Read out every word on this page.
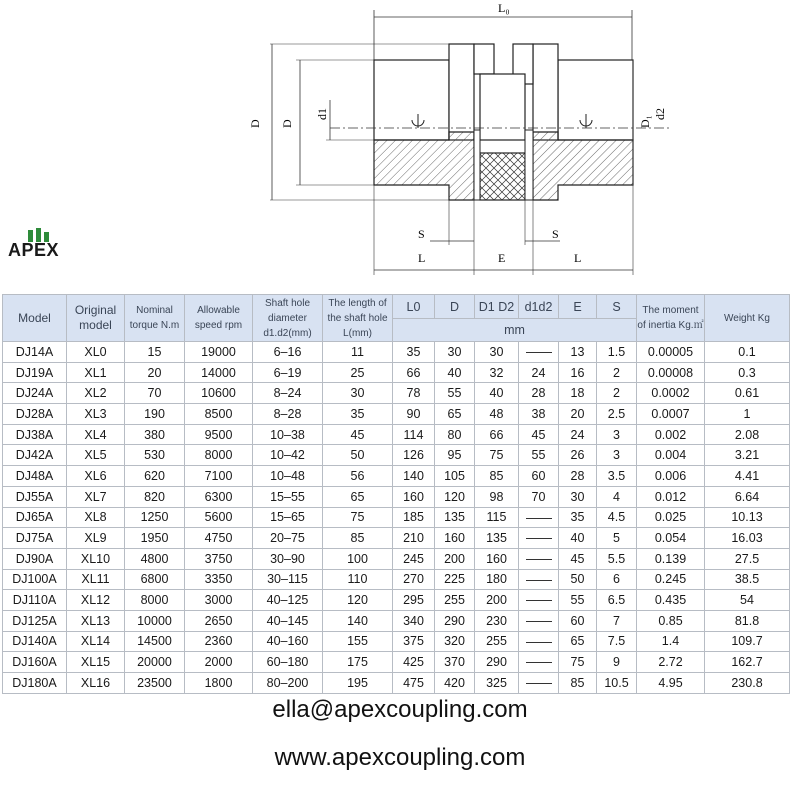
L₀
D D
d1	d2
D₁
S	S
L	E	L
APEX
Model	Original model	Nominal torque N.m	Allowable speed rpm	Shaft hole diameter d1.d2(mm)	The length of the shaft hole L(mm)	L0	D	D1 D2	d1d2	E	S	The moment of inertia Kg.㎡	Weight Kg
						mm							
DJ14A	XL0	15	19000	6–16	11	35	30	30		13	1.5	0.00005	0.1
DJ19A	XL1	20	14000	6–19	25	66	40	32	24	16	2	0.00008	0.3
DJ24A	XL2	70	10600	8–24	30	78	55	40	28	18	2	0.0002	0.61
DJ28A	XL3	190	8500	8–28	35	90	65	48	38	20	2.5	0.0007	1
DJ38A	XL4	380	9500	10–38	45	114	80	66	45	24	3	0.002	2.08
DJ42A	XL5	530	8000	10–42	50	126	95	75	55	26	3	0.004	3.21
DJ48A	XL6	620	7100	10–48	56	140	105	85	60	28	3.5	0.006	4.41
DJ55A	XL7	820	6300	15–55	65	160	120	98	70	30	4	0.012	6.64
DJ65A	XL8	1250	5600	15–65	75	185	135	115		35	4.5	0.025	10.13
DJ75A	XL9	1950	4750	20–75	85	210	160	135		40	5	0.054	16.03
DJ90A	XL10	4800	3750	30–90	100	245	200	160		45	5.5	0.139	27.5
DJ100A	XL11	6800	3350	30–115	110	270	225	180		50	6	0.245	38.5
DJ110A	XL12	8000	3000	40–125	120	295	255	200		55	6.5	0.435	54
DJ125A	XL13	10000	2650	40–145	140	340	290	230		60	7	0.85	81.8
DJ140A	XL14	14500	2360	40–160	155	375	320	255		65	7.5	1.4	109.7
DJ160A	XL15	20000	2000	60–180	175	425	370	290		75	9	2.72	162.7
DJ180A	XL16	23500	1800	80–200	195	475	420	325		85	10.5	4.95	230.8
ella@apexcoupling.com
www.apexcoupling.com
